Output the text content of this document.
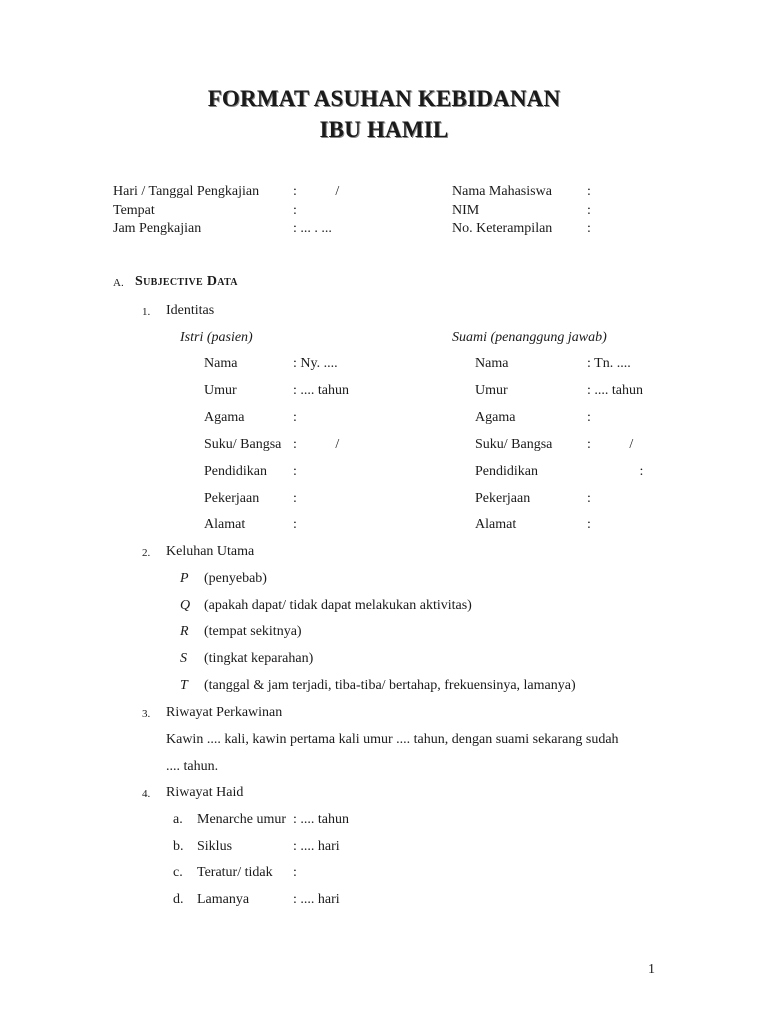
FORMAT ASUHAN KEBIDANAN
IBU HAMIL
Hari / Tanggal Pengkajian :           /
Tempat	:
Jam Pengkajian	: ... . ...
Nama Mahasiswa	:
NIM	:
No. Keterampilan :
A. Subjective Data
1. Identitas
Istri (pasien)	Suami (penanggung jawab)
Nama	: Ny. ....
Umur	: .... tahun
Agama	:
Suku/ Bangsa :           /
Pendidikan :
Pekerjaan :
Alamat	:
Nama	: Tn. ....
Umur	: .... tahun
Agama	:
Suku/ Bangsa :           /
Pendidikan	:
Pekerjaan	:
Alamat	:
2. Keluhan Utama
P (penyebab)
Q (apakah dapat/ tidak dapat melakukan aktivitas)
R (tempat sekitnya)
S (tingkat keparahan)
T (tanggal & jam terjadi, tiba-tiba/ bertahap, frekuensinya, lamanya)
3. Riwayat Perkawinan
Kawin .... kali, kawin pertama kali umur .... tahun, dengan suami sekarang sudah
.... tahun.
4. Riwayat Haid
a. Menarche umur : .... tahun
b. Siklus	: .... hari
c. Teratur/ tidak :
d. Lamanya	: .... hari
1
